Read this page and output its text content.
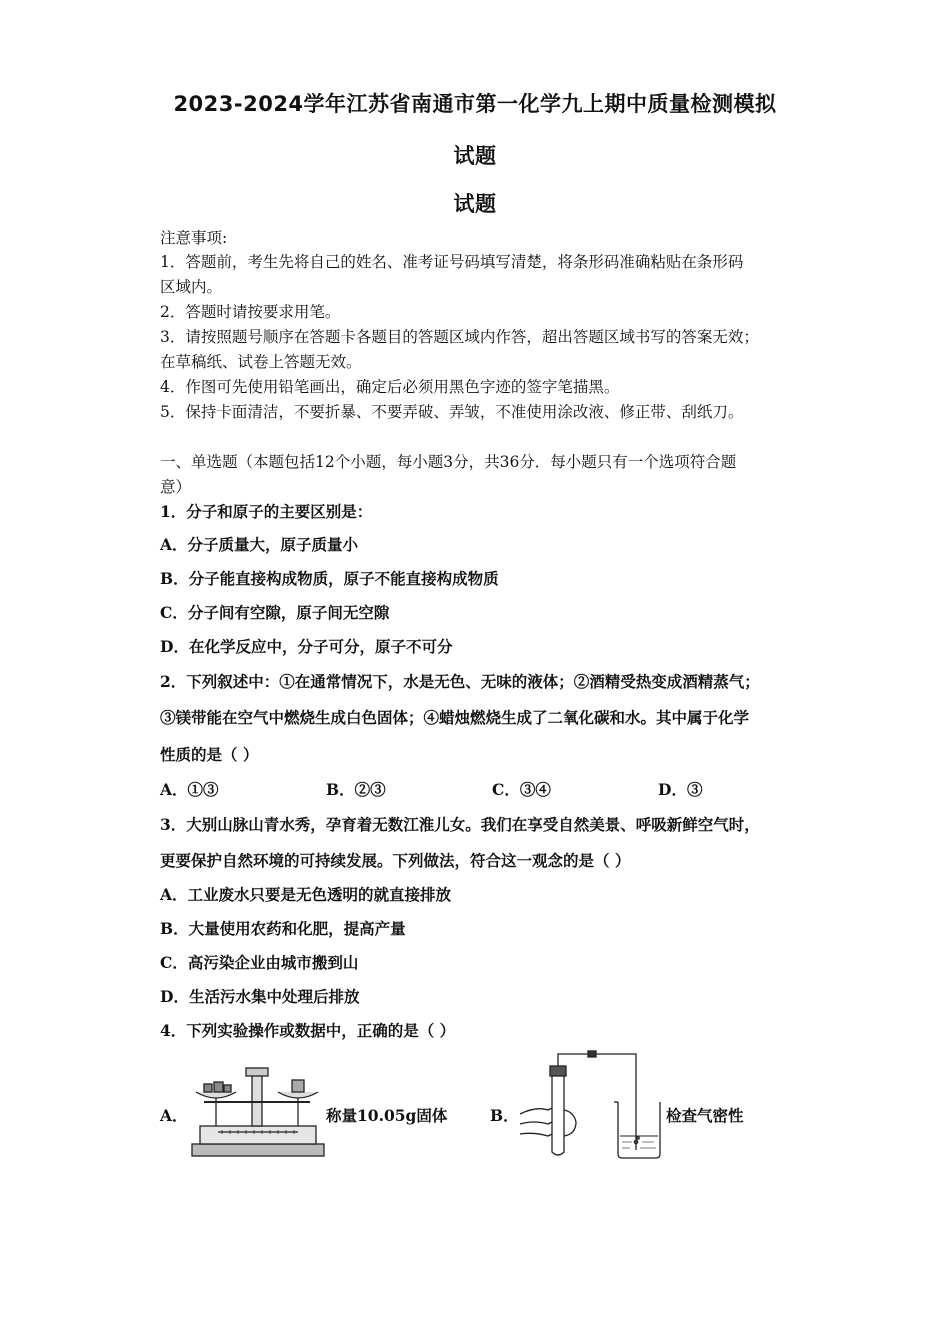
2023-2024学年江苏省南通市第一化学九上期中质量检测模拟
试题
试题
注意事项:
1．答题前，考生先将自己的姓名、准考证号码填写清楚，将条形码准确粘贴在条形码
区域内。
2．答题时请按要求用笔。
3．请按照题号顺序在答题卡各题目的答题区域内作答，超出答题区域书写的答案无效；
在草稿纸、试卷上答题无效。
4．作图可先使用铅笔画出，确定后必须用黑色字迹的签字笔描黑。
5．保持卡面清洁，不要折暴、不要弄破、弄皱，不准使用涂改液、修正带、刮纸刀。
一、单选题（本题包括12个小题，每小题3分，共36分．每小题只有一个选项符合题
意）
1．分子和原子的主要区别是：
A．分子质量大，原子质量小
B．分子能直接构成物质，原子不能直接构成物质
C．分子间有空隙，原子间无空隙
D．在化学反应中，分子可分，原子不可分
2．下列叙述中：①在通常情况下，水是无色、无味的液体；②酒精受热变成酒精蒸气；
③镁带能在空气中燃烧生成白色固体；④蜡烛燃烧生成了二氧化碳和水。其中属于化学
性质的是（ ）
A．①③	B．②③	C．③④	D．③
3．大别山脉山青水秀，孕育着无数江淮儿女。我们在享受自然美景、呼吸新鲜空气时，
更要保护自然环境的可持续发展。下列做法，符合这一观念的是（ ）
A．工业废水只要是无色透明的就直接排放
B．大量使用农药和化肥，提高产量
C．高污染企业由城市搬到山
D．生活污水集中处理后排放
4．下列实验操作或数据中，正确的是（ ）
A．	称量10.05g固体	B．	检查气密性
